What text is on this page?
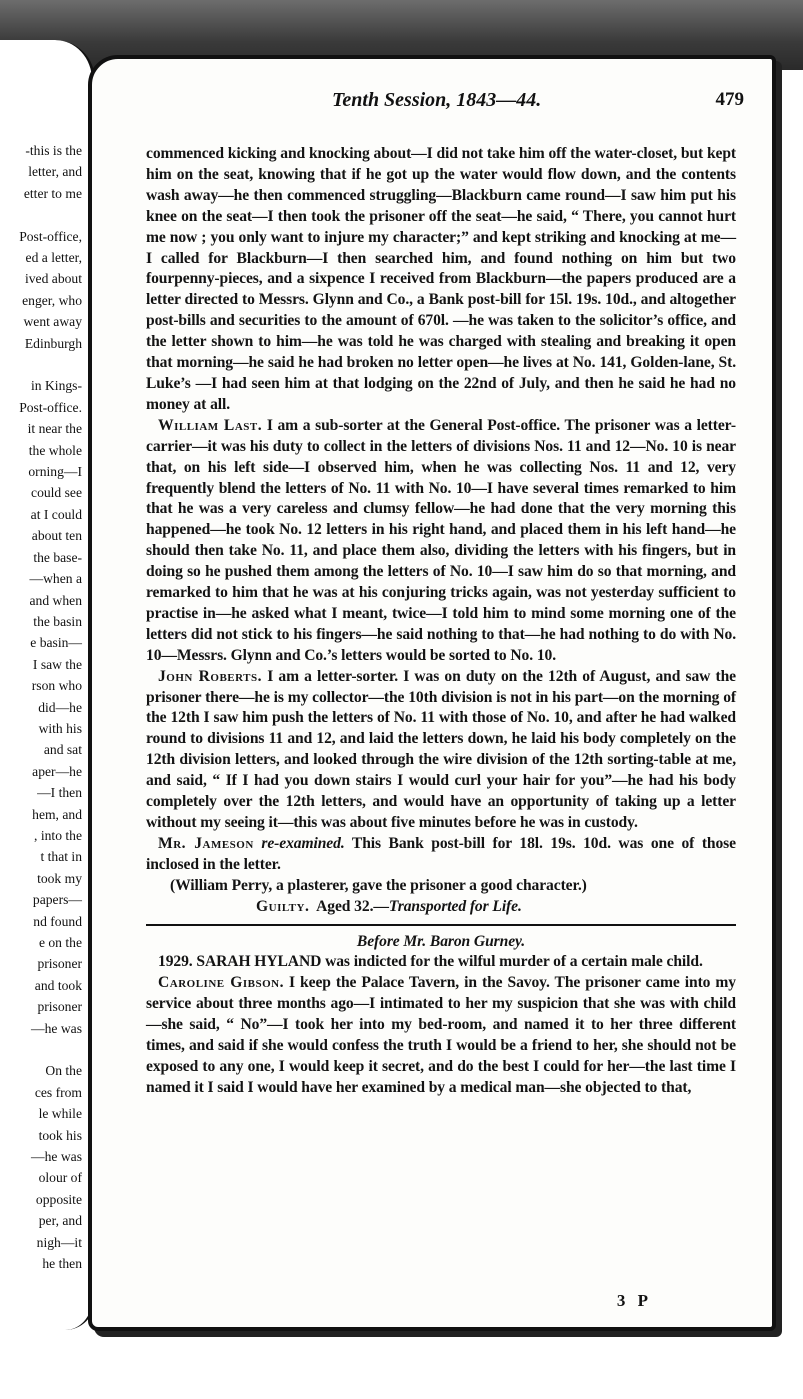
-this is the
letter, and
etter to me
Post-office,
ed a letter,
ived about
enger, who
went away
Edinburgh
in Kings-
Post-office.
it near the
the whole
orning—I
could see
at I could
about ten
the base-
—when a
and when
the basin
e basin—
I saw the
rson who
did—he
with his
and sat
aper—he
—I then
hem, and
, into the
t that in
took my
papers—
nd found
e on the
prisoner
and took
prisoner
—he was
On the
ces from
le while
took his
—he was
olour of
opposite
per, and
nigh—it
he then
Tenth Session, 1843—44.	479

commenced kicking and knocking about—I did not take him off the water-closet, but kept him on the seat, knowing that if he got up the water would flow down, and the contents wash away—he then commenced struggling—Blackburn came round—I saw him put his knee on the seat—I then took the prisoner off the seat—he said, “ There, you cannot hurt me now ; you only want to injure my character;” and kept striking and knocking at me—I called for Blackburn—I then searched him, and found nothing on him but two fourpenny-pieces, and a sixpence I received from Blackburn—the papers produced are a letter directed to Messrs. Glynn and Co., a Bank post-bill for 15l. 19s. 10d., and altogether post-bills and securities to the amount of 670l. —he was taken to the solicitor’s office, and the letter shown to him—he was told he was charged with stealing and breaking it open that morning—he said he had broken no letter open—he lives at No. 141, Golden-lane, St. Luke’s —I had seen him at that lodging on the 22nd of July, and then he said he had no money at all.

William Last. I am a sub-sorter at the General Post-office. The prisoner was a letter-carrier—it was his duty to collect in the letters of divisions Nos. 11 and 12—No. 10 is near that, on his left side—I observed him, when he was collecting Nos. 11 and 12, very frequently blend the letters of No. 11 with No. 10—I have several times remarked to him that he was a very careless and clumsy fellow—he had done that the very morning this happened—he took No. 12 letters in his right hand, and placed them in his left hand—he should then take No. 11, and place them also, dividing the letters with his fingers, but in doing so he pushed them among the letters of No. 10—I saw him do so that morning, and remarked to him that he was at his conjuring tricks again, was not yesterday sufficient to practise in—he asked what I meant, twice—I told him to mind some morning one of the letters did not stick to his fingers—he said nothing to that—he had nothing to do with No. 10—Messrs. Glynn and Co.’s letters would be sorted to No. 10.

John Roberts. I am a letter-sorter. I was on duty on the 12th of August, and saw the prisoner there—he is my collector—the 10th division is not in his part—on the morning of the 12th I saw him push the letters of No. 11 with those of No. 10, and after he had walked round to divisions 11 and 12, and laid the letters down, he laid his body completely on the 12th division letters, and looked through the wire division of the 12th sorting-table at me, and said, “ If I had you down stairs I would curl your hair for you”—he had his body completely over the 12th letters, and would have an opportunity of taking up a letter without my seeing it—this was about five minutes before he was in custody.

Mr. Jameson re-examined. This Bank post-bill for 18l. 19s. 10d. was one of those inclosed in the letter.

(William Perry, a plasterer, gave the prisoner a good character.)

Guilty. Aged 32.—Transported for Life.

Before Mr. Baron Gurney.

1929. SARAH HYLAND was indicted for the wilful murder of a certain male child.

Caroline Gibson. I keep the Palace Tavern, in the Savoy. The prisoner came into my service about three months ago—I intimated to her my suspicion that she was with child—she said, “ No”—I took her into my bed-room, and named it to her three different times, and said if she would confess the truth I would be a friend to her, she should not be exposed to any one, I would keep it secret, and do the best I could for her—the last time I named it I said I would have her examined by a medical man—she objected to that,

3 P
